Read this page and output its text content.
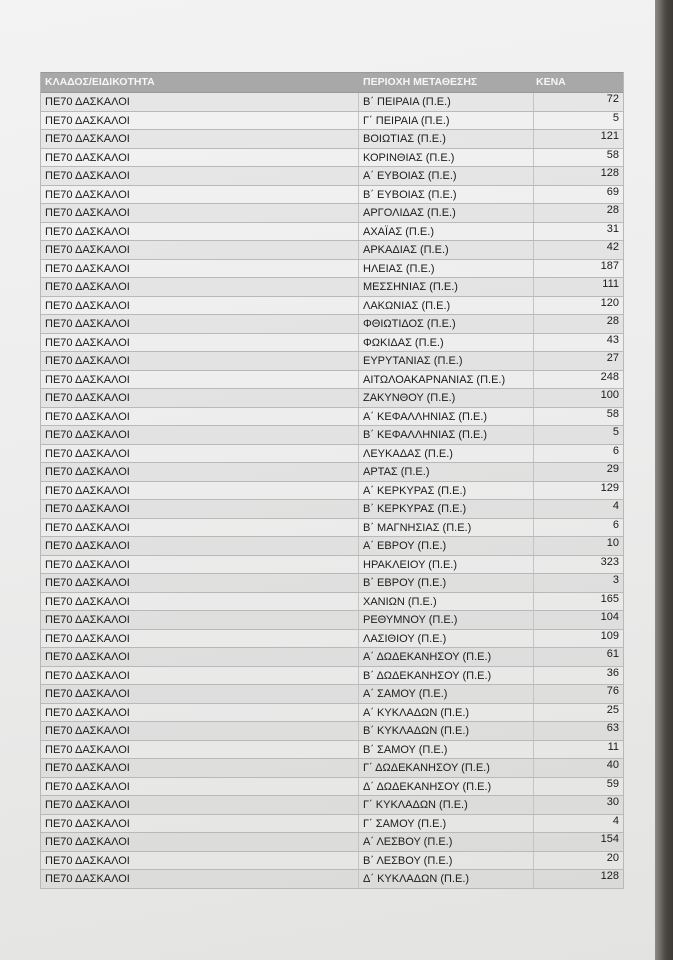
ΚΛΑΔΟΣ/ΕΙΔΙΚΟΤΗΤΑ	ΠΕΡΙΟΧΗ ΜΕΤΑΘΕΣΗΣ	ΚΕΝΑ
ΠΕ70 ΔΑΣΚΑΛΟΙ	Β΄ ΠΕΙΡΑΙΑ (Π.Ε.)	72
ΠΕ70 ΔΑΣΚΑΛΟΙ	Γ΄ ΠΕΙΡΑΙΑ (Π.Ε.)	5
ΠΕ70 ΔΑΣΚΑΛΟΙ	ΒΟΙΩΤΙΑΣ (Π.Ε.)	121
ΠΕ70 ΔΑΣΚΑΛΟΙ	ΚΟΡΙΝΘΙΑΣ (Π.Ε.)	58
ΠΕ70 ΔΑΣΚΑΛΟΙ	Α΄ ΕΥΒΟΙΑΣ (Π.Ε.)	128
ΠΕ70 ΔΑΣΚΑΛΟΙ	Β΄ ΕΥΒΟΙΑΣ (Π.Ε.)	69
ΠΕ70 ΔΑΣΚΑΛΟΙ	ΑΡΓΟΛΙΔΑΣ (Π.Ε.)	28
ΠΕ70 ΔΑΣΚΑΛΟΙ	ΑΧΑΪΑΣ (Π.Ε.)	31
ΠΕ70 ΔΑΣΚΑΛΟΙ	ΑΡΚΑΔΙΑΣ (Π.Ε.)	42
ΠΕ70 ΔΑΣΚΑΛΟΙ	ΗΛΕΙΑΣ (Π.Ε.)	187
ΠΕ70 ΔΑΣΚΑΛΟΙ	ΜΕΣΣΗΝΙΑΣ (Π.Ε.)	111
ΠΕ70 ΔΑΣΚΑΛΟΙ	ΛΑΚΩΝΙΑΣ (Π.Ε.)	120
ΠΕ70 ΔΑΣΚΑΛΟΙ	ΦΘΙΩΤΙΔΟΣ (Π.Ε.)	28
ΠΕ70 ΔΑΣΚΑΛΟΙ	ΦΩΚΙΔΑΣ (Π.Ε.)	43
ΠΕ70 ΔΑΣΚΑΛΟΙ	ΕΥΡΥΤΑΝΙΑΣ (Π.Ε.)	27
ΠΕ70 ΔΑΣΚΑΛΟΙ	ΑΙΤΩΛΟΑΚΑΡΝΑΝΙΑΣ (Π.Ε.)	248
ΠΕ70 ΔΑΣΚΑΛΟΙ	ΖΑΚΥΝΘΟΥ (Π.Ε.)	100
ΠΕ70 ΔΑΣΚΑΛΟΙ	Α΄ ΚΕΦΑΛΛΗΝΙΑΣ (Π.Ε.)	58
ΠΕ70 ΔΑΣΚΑΛΟΙ	Β΄ ΚΕΦΑΛΛΗΝΙΑΣ (Π.Ε.)	5
ΠΕ70 ΔΑΣΚΑΛΟΙ	ΛΕΥΚΑΔΑΣ (Π.Ε.)	6
ΠΕ70 ΔΑΣΚΑΛΟΙ	ΑΡΤΑΣ (Π.Ε.)	29
ΠΕ70 ΔΑΣΚΑΛΟΙ	Α΄ ΚΕΡΚΥΡΑΣ (Π.Ε.)	129
ΠΕ70 ΔΑΣΚΑΛΟΙ	Β΄ ΚΕΡΚΥΡΑΣ (Π.Ε.)	4
ΠΕ70 ΔΑΣΚΑΛΟΙ	Β΄ ΜΑΓΝΗΣΙΑΣ (Π.Ε.)	6
ΠΕ70 ΔΑΣΚΑΛΟΙ	Α΄ ΕΒΡΟΥ (Π.Ε.)	10
ΠΕ70 ΔΑΣΚΑΛΟΙ	ΗΡΑΚΛΕΙΟΥ (Π.Ε.)	323
ΠΕ70 ΔΑΣΚΑΛΟΙ	Β΄ ΕΒΡΟΥ (Π.Ε.)	3
ΠΕ70 ΔΑΣΚΑΛΟΙ	ΧΑΝΙΩΝ (Π.Ε.)	165
ΠΕ70 ΔΑΣΚΑΛΟΙ	ΡΕΘΥΜΝΟΥ (Π.Ε.)	104
ΠΕ70 ΔΑΣΚΑΛΟΙ	ΛΑΣΙΘΙΟΥ (Π.Ε.)	109
ΠΕ70 ΔΑΣΚΑΛΟΙ	Α΄ ΔΩΔΕΚΑΝΗΣΟΥ (Π.Ε.)	61
ΠΕ70 ΔΑΣΚΑΛΟΙ	Β΄ ΔΩΔΕΚΑΝΗΣΟΥ (Π.Ε.)	36
ΠΕ70 ΔΑΣΚΑΛΟΙ	Α΄ ΣΑΜΟΥ (Π.Ε.)	76
ΠΕ70 ΔΑΣΚΑΛΟΙ	Α΄ ΚΥΚΛΑΔΩΝ (Π.Ε.)	25
ΠΕ70 ΔΑΣΚΑΛΟΙ	Β΄ ΚΥΚΛΑΔΩΝ (Π.Ε.)	63
ΠΕ70 ΔΑΣΚΑΛΟΙ	Β΄ ΣΑΜΟΥ (Π.Ε.)	11
ΠΕ70 ΔΑΣΚΑΛΟΙ	Γ΄ ΔΩΔΕΚΑΝΗΣΟΥ (Π.Ε.)	40
ΠΕ70 ΔΑΣΚΑΛΟΙ	Δ΄ ΔΩΔΕΚΑΝΗΣΟΥ (Π.Ε.)	59
ΠΕ70 ΔΑΣΚΑΛΟΙ	Γ΄ ΚΥΚΛΑΔΩΝ (Π.Ε.)	30
ΠΕ70 ΔΑΣΚΑΛΟΙ	Γ΄ ΣΑΜΟΥ (Π.Ε.)	4
ΠΕ70 ΔΑΣΚΑΛΟΙ	Α΄ ΛΕΣΒΟΥ (Π.Ε.)	154
ΠΕ70 ΔΑΣΚΑΛΟΙ	Β΄ ΛΕΣΒΟΥ (Π.Ε.)	20
ΠΕ70 ΔΑΣΚΑΛΟΙ	Δ΄ ΚΥΚΛΑΔΩΝ (Π.Ε.)	128
